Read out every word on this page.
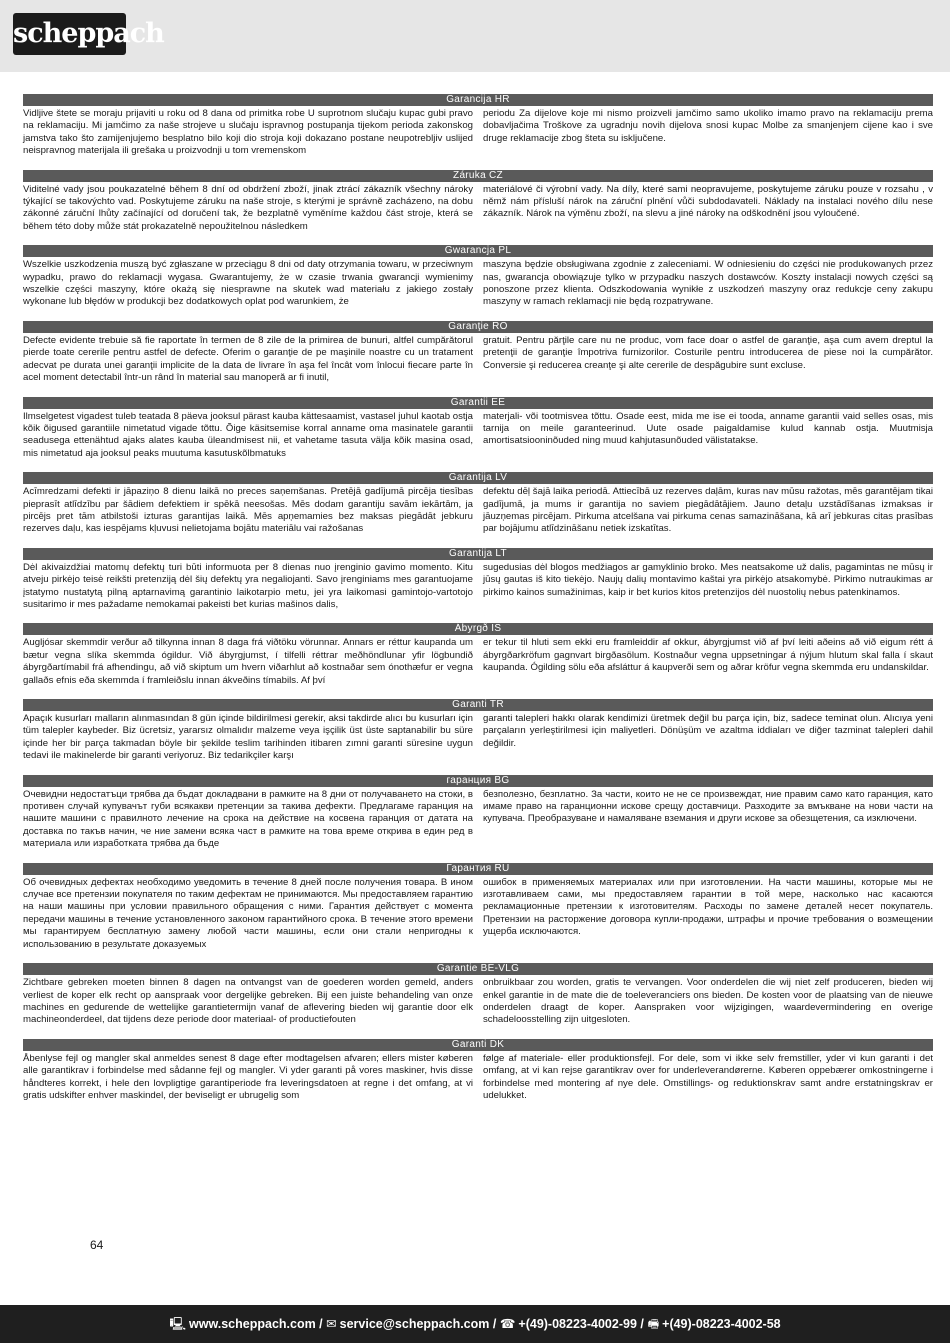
scheppach
Garancija HR

Vidljive štete se moraju prijaviti u roku od 8 dana od primitka robe U suprotnom slučaju kupac gubi pravo na reklamaciju. Mi jamčimo za naše strojeve u slučaju ispravnog postupanja tijekom perioda zakonskog jamstva tako što zamijenjujemo besplatno bilo koji dio stroja koji dokazano postane neupotrebljiv uslijed neispravnog materijala ili grešaka u proizvodnji u tom vremenskom

periodu Za dijelove koje mi nismo proizveli jamčimo samo ukoliko imamo pravo na reklamaciju prema dobavljačima Troškove za ugradnju novih dijelova snosi kupac Molbe za smanjenjem cijene kao i sve druge reklamacije zbog šteta su isključene.

Záruka CZ

Viditelné vady jsou poukazatelné během 8 dní od obdržení zboží, jinak ztrácí zákazník všechny nároky týkající se takovýchto vad. Poskytujeme záruku na naše stroje, s kterými je správně zacházeno, na dobu zákonné záruční lhůty začínající od doručení tak, že bezplatně vyměníme každou část stroje, která se během této doby může stát prokazatelně nepoužitelnou následkem

materiálové či výrobní vady. Na díly, které sami neopravujeme, poskytujeme záruku pouze v rozsahu , v němž nám přísluší nárok na záruční plnění vůči subdodavateli. Náklady na instalaci nového dílu nese zákazník. Nárok na výměnu zboží, na slevu a jiné nároky na odškodnění jsou vyloučené.

Gwarancja PL

Wszelkie uszkodzenia muszą być zgłaszane w przeciągu 8 dni od daty otrzymania towaru, w przeciwnym wypadku, prawo do reklamacji wygasa. Gwarantujemy, że w czasie trwania gwarancji wymienimy wszelkie części maszyny, które okażą się niesprawne na skutek wad materiału z jakiego zostały wykonane lub błędów w produkcji bez dodatkowych oplat pod warunkiem, że

maszyna będzie obsługiwana zgodnie z zaleceniami. W odniesieniu do części nie produkowanych przez nas, gwarancja obowiązuje tylko w przypadku naszych dostawców. Koszty instalacji nowych części są ponoszone przez klienta. Odszkodowania wynikłe z uszkodzeń maszyny oraz redukcje ceny zakupu maszyny w ramach reklamacji nie będą rozpatrywane.

Garanţie RO

Defecte evidente trebuie să fie raportate în termen de 8 zile de la primirea de bunuri, altfel cumpărătorul pierde toate cererile pentru astfel de defecte. Oferim o garanţie de pe maşinile noastre cu un tratament adecvat pe durata unei garanţii implicite de la data de livrare în aşa fel încât vom înlocui fiecare parte în acel moment detectabil într-un rând în material sau manoperă ar fi inutil,

gratuit. Pentru părţile care nu ne produc, vom face doar o astfel de garanţie, aşa cum avem dreptul la pretenţii de garanţie împotriva furnizorilor. Costurile pentru introducerea de piese noi la cumpărător. Conversie şi reducerea creanţe şi alte cererile de despăgubire sunt excluse.

Garantii EE

Ilmselgetest vigadest tuleb teatada 8 päeva jooksul pärast kauba kättesaamist, vastasel juhul kaotab ostja kõik õigused garantiile nimetatud vigade tõttu. Õige käsitsemise korral anname oma masinatele garantii seadusega ettenähtud ajaks alates kauba üleandmisest nii, et vahetame tasuta välja kõik masina osad, mis nimetatud aja jooksul peaks muutuma kasutuskõlbmatuks

materjali- või tootmisvea tõttu. Osade eest, mida me ise ei tooda, anname garantii vaid selles osas, mis tarnija on meile garanteerinud. Uute osade paigaldamise kulud kannab ostja. Muutmisja amortisatsiooninõuded ning muud kahjutasunõuded välistatakse.

Garantija LV

Acīmredzami defekti ir jāpaziņo 8 dienu laikā no preces saņemšanas. Pretējā gadījumā pircēja tiesības pieprasīt atlīdzību par šādiem defektiem ir spēkā neesošas. Mēs dodam garantiju savām iekārtām, ja pircējs pret tām atbilstoši izturas garantijas laikā. Mēs apņemamies bez maksas piegādāt jebkuru rezerves daļu, kas iespējams kļuvusi nelietojama bojātu materiālu vai ražošanas

defektu dēļ šajā laika periodā. Attiecībā uz rezerves daļām, kuras nav mūsu ražotas, mēs garantējam tikai gadījumā, ja mums ir garantija no saviem piegādātājiem. Jauno detaļu uzstādīšanas izmaksas ir jāuzņemas pircējam. Pirkuma atcelšana vai pirkuma cenas samazināšana, kā arī jebkuras citas prasības par bojājumu atlīdzināšanu netiek izskatītas.

Garantija LT

Dėl akivaizdžiai matomų defektų turi būti informuota per 8 dienas nuo įrenginio gavimo momento. Kitu atveju pirkėjo teisė reikšti pretenziją dėl šių defektų yra negaliojanti. Savo įrenginiams mes garantuojame įstatymo nustatytą pilną aptarnavimą garantinio laikotarpio metu, jei yra laikomasi gamintojo-vartotojo susitarimo ir mes pažadame nemokamai pakeisti bet kurias mašinos dalis,

sugedusias dėl blogos medžiagos ar gamyklinio broko. Mes neatsakome už dalis, pagamintas ne mūsų ir jūsų gautas iš kito tiekėjo. Naujų dalių montavimo kaštai yra pirkėjo atsakomybė. Pirkimo nutraukimas ar pirkimo kainos sumažinimas, kaip ir bet kurios kitos pretenzijos dėl nuostolių nebus patenkinamos.

Ábyrgð IS

Augljósar skemmdir verður að tilkynna innan 8 daga frá viðtöku vörunnar. Annars er réttur kaupanda um bætur vegna slíka skemmda ógildur. Við ábyrgjumst, í tilfelli réttrar meðhöndlunar yfir lögbundið ábyrgðartímabil frá afhendingu, að við skiptum um hvern viðarhlut að kostnaðar sem ónothæfur er vegna gallaðs efnis eða skemmda í framleiðslu innan ákveðins tímabils. Af því

er tekur til hluti sem ekki eru framleiddir af okkur, ábyrgjumst við af því leiti aðeins að við eigum rétt á ábyrgðarkröfum gagnvart birgðasölum. Kostnaður vegna uppsetningar á nýjum hlutum skal falla í skaut kaupanda. Ógilding sölu eða afsláttur á kaupverði sem og aðrar kröfur vegna skemmda eru undanskildar.

Garanti TR

Apaçık kusurları malların alınmasından 8 gün içinde bildirilmesi gerekir, aksi takdirde alıcı bu kusurları için tüm talepler kaybeder. Biz ücretsiz, yararsız olmalıdır malzeme veya işçilik üst üste saptanabilir bu süre içinde her bir parça takmadan böyle bir şekilde teslim tarihinden itibaren zımni garanti süresine uygun tedavi ile makinelerde bir garanti veriyoruz. Biz tedarikçiler karşı

garanti talepleri hakkı olarak kendimizi üretmek değil bu parça için, biz, sadece teminat olun. Alıcıya yeni parçaların yerleştirilmesi için maliyetleri. Dönüşüm ve azaltma iddiaları ve diğer tazminat talepleri dahil değildir.

гаранция BG

Очевидни недостатъци трябва да бъдат докладвани в рамките на 8 дни от получаването на стоки, в противен случай купувачът губи всякакви претенции за такива дефекти. Предлагаме гаранция на нашите машини с правилното лечение на срока на действие на косвена гаранция от датата на доставка по такъв начин, че ние замени всяка част в рамките на това време открива в един ред в материала или изработката трябва да бъде

безполезно, безплатно. За части, които не не се произвеждат, ние правим само като гаранция, като имаме право на гаранционни искове срещу доставчици. Разходите за вмъкване на нови части на купувача. Преобразуване и намаляване вземания и други искове за обезщетения, са изключени.

Гарантия RU

Об очевидных дефектах необходимо уведомить в течение 8 дней после получения товара. В ином случае все претензии покупателя по таким дефектам не принимаются. Мы предоставляем гарантию на наши машины при условии правильного обращения с ними. Гарантия действует с момента передачи машины в течение установленного законом гарантийного срока. В течение этого времени мы гарантируем бесплатную замену любой части машины, если они стали непригодны к использованию в результате доказуемых

ошибок в применяемых материалах или при изготовлении. На части машины, которые мы не изготавливаем сами, мы предоставляем гарантии в той мере, насколько нас касаются рекламационные претензии к изготовителям. Расходы по замене деталей несет покупатель. Претензии на расторжение договора купли-продажи, штрафы и прочие требования о возмещении ущерба исключаются.

Garantie BE-VLG

Zichtbare gebreken moeten binnen 8 dagen na ontvangst van de goederen worden gemeld, anders verliest de koper elk recht op aanspraak voor dergelijke gebreken. Bij een juiste behandeling van onze machines en gedurende de wettelijke garantietermijn vanaf de aflevering bieden wij garantie door elk machineonderdeel, dat tijdens deze periode door materiaal- of productiefouten

onbruikbaar zou worden, gratis te vervangen. Voor onderdelen die wij niet zelf produceren, bieden wij enkel garantie in de mate die de toeleveranciers ons bieden. De kosten voor de plaatsing van de nieuwe onderdelen draagt de koper. Aanspraken voor wijzigingen, waardevermindering en overige schadeloosstelling zijn uitgesloten.

Garanti DK

Åbenlyse fejl og mangler skal anmeldes senest 8 dage efter modtagelsen afvaren; ellers mister køberen alle garantikrav i forbindelse med sådanne fejl og mangler. Vi yder garanti på vores maskiner, hvis disse håndteres korrekt, i hele den lovpligtige garantiperiode fra leveringsdatoen at regne i det omfang, at vi gratis udskifter enhver maskindel, der beviseligt er ubrugelig som

følge af materiale- eller produktionsfejl. For dele, som vi ikke selv fremstiller, yder vi kun garanti i det omfang, at vi kan rejse garantikrav over for underleverandørerne. Køberen oppebærer omkostningerne i forbindelse med montering af nye dele. Omstillings- og reduktionskrav samt andre erstatningskrav er udelukket.

64
🖳 www.scheppach.com / ✉ service@scheppach.com / ☎ +(49)-08223-4002-99 / 🖷 +(49)-08223-4002-58
